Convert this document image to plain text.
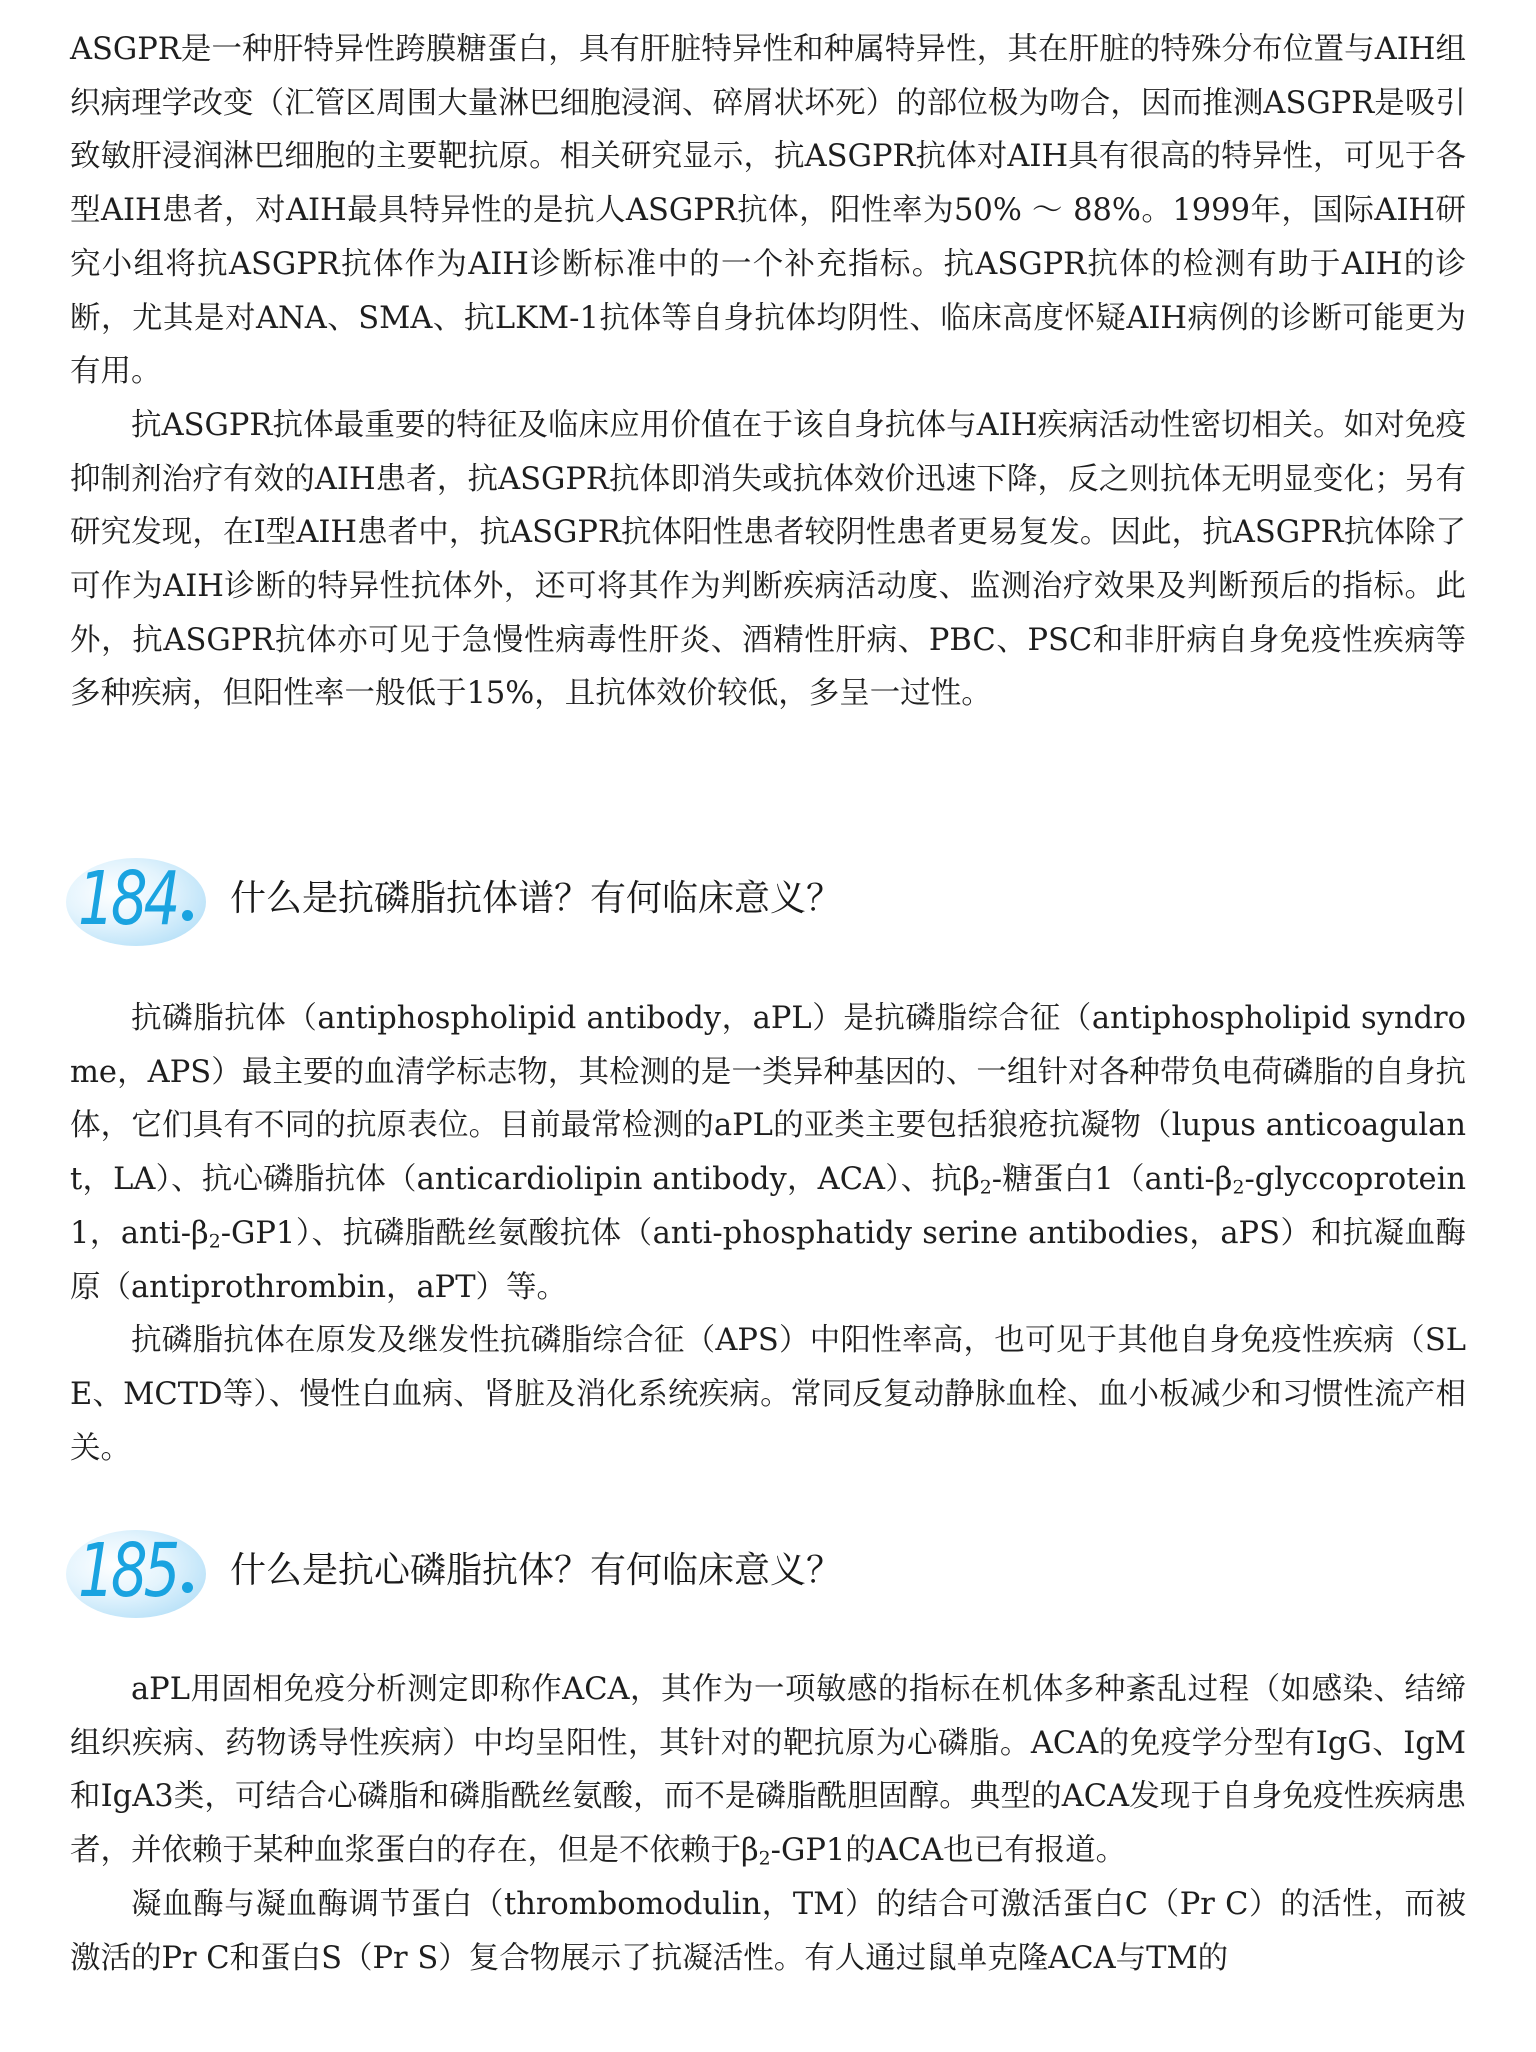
ASGPR是一种肝特异性跨膜糖蛋白，具有肝脏特异性和种属特异性，其在肝脏的特殊分布位置与AIH组织病理学改变（汇管区周围大量淋巴细胞浸润、碎屑状坏死）的部位极为吻合，因而推测ASGPR是吸引致敏肝浸润淋巴细胞的主要靶抗原。相关研究显示，抗ASGPR抗体对AIH具有很高的特异性，可见于各型AIH患者，对AIH最具特异性的是抗人ASGPR抗体，阳性率为50% ～ 88%。1999年，国际AIH研究小组将抗ASGPR抗体作为AIH诊断标准中的一个补充指标。抗ASGPR抗体的检测有助于AIH的诊断，尤其是对ANA、SMA、抗LKM-1抗体等自身抗体均阴性、临床高度怀疑AIH病例的诊断可能更为有用。

抗ASGPR抗体最重要的特征及临床应用价值在于该自身抗体与AIH疾病活动性密切相关。如对免疫抑制剂治疗有效的AIH患者，抗ASGPR抗体即消失或抗体效价迅速下降，反之则抗体无明显变化；另有研究发现，在Ⅰ型AIH患者中，抗ASGPR抗体阳性患者较阴性患者更易复发。因此，抗ASGPR抗体除了可作为AIH诊断的特异性抗体外，还可将其作为判断疾病活动度、监测治疗效果及判断预后的指标。此外，抗ASGPR抗体亦可见于急慢性病毒性肝炎、酒精性肝病、PBC、PSC和非肝病自身免疫性疾病等多种疾病，但阳性率一般低于15%，且抗体效价较低，多呈一过性。

184 什么是抗磷脂抗体谱？有何临床意义？

抗磷脂抗体（antiphospholipid antibody，aPL）是抗磷脂综合征（antiphospholipid syndrome，APS）最主要的血清学标志物，其检测的是一类异种基因的、一组针对各种带负电荷磷脂的自身抗体，它们具有不同的抗原表位。目前最常检测的aPL的亚类主要包括狼疮抗凝物（lupus anticoagulant，LA）、抗心磷脂抗体（anticardiolipin antibody，ACA）、抗$\beta_2-$糖蛋白$1(anti-\beta_2$-glyccoprotein 1，anti-$\beta_2-GP1$）、抗磷脂酰丝氨酸抗体（anti-phosphatidy serine antibodies，aPS）和抗凝血酶原（antiprothrombin，aPT）等。

抗磷脂抗体在原发及继发性抗磷脂综合征（APS）中阳性率高，也可见于其他自身免疫性疾病（SLE、MCTD等）、慢性白血病、肾脏及消化系统疾病。常同反复动静脉血栓、血小板减少和习惯性流产相关。

185 什么是抗心磷脂抗体？有何临床意义？

aPL用固相免疫分析测定即称作ACA，其作为一项敏感的指标在机体多种紊乱过程（如感染、结缔组织疾病、药物诱导性疾病）中均呈阳性，其针对的靶抗原为心磷脂。ACA的免疫学分型有IgG、IgM和IgA3类，可结合心磷脂和磷脂酰丝氨酸，而不是磷脂酰胆固醇。典型的ACA发现于自身免疫性疾病患者，并依赖于某种血浆蛋白的存在，但是不依赖于$\beta_2-GP1$的ACA也已有报道。

凝血酶与凝血酶调节蛋白（thrombomodulin，TM）的结合可激活蛋白C（Pr C）的活性，而被激活的Pr C和蛋白S（Pr S）复合物展示了抗凝活性。有人通过鼠单克隆ACA与TM的
